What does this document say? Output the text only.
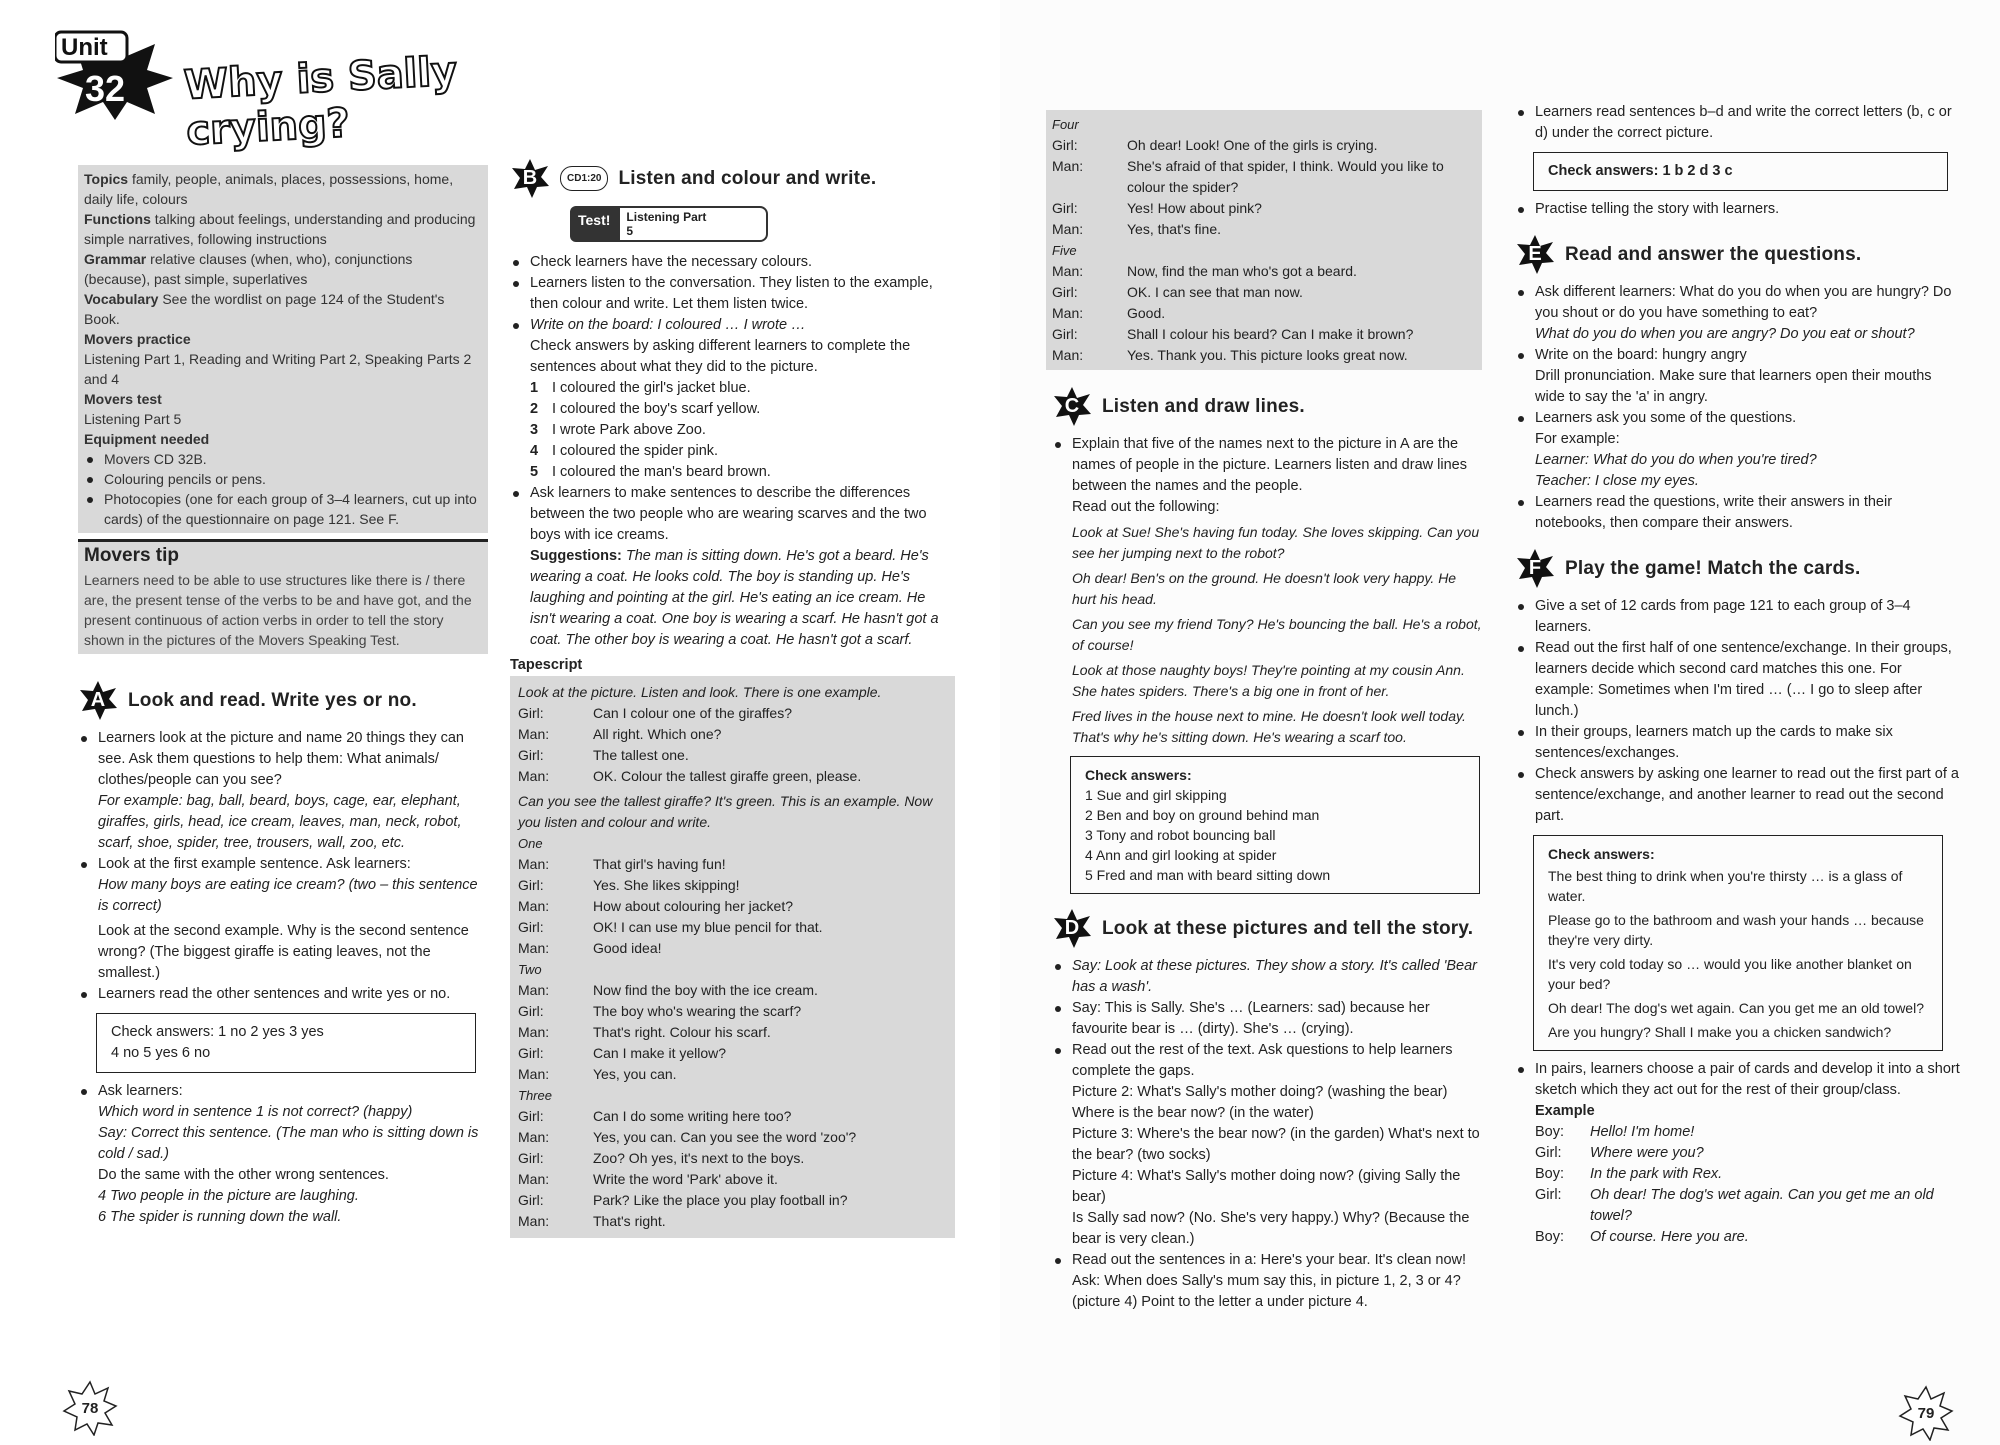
Unit
32 Why is Sally crying?

Topics family, people, animals, places, possessions, home, daily life, colours

Functions talking about feelings, understanding and producing simple narratives, following instructions

Grammar relative clauses (when, who), conjunctions (because), past simple, superlatives

Vocabulary See the wordlist on page 124 of the Student's Book.

Movers practice

Listening Part 1, Reading and Writing Part 2, Speaking Parts 2 and 4

Movers test

Listening Part 5

Equipment needed

Movers CD 32B.

Colouring pencils or pens.

Photocopies (one for each group of 3–4 learners, cut up into cards) of the questionnaire on page 121. See F.

Movers tip

Learners need to be able to use structures like there is / there are, the present tense of the verbs to be and have got, and the present continuous of action verbs in order to tell the story shown in the pictures of the Movers Speaking Test.

A	Look and read. Write yes or no.

Learners look at the picture and name 20 things they can see. Ask them questions to help them: What animals/ clothes/people can you see?

For example: bag, ball, beard, boys, cage, ear, elephant, giraffes, girls, head, ice cream, leaves, man, neck, robot, scarf, shoe, spider, tree, trousers, wall, zoo, etc.

Look at the first example sentence. Ask learners:

How many boys are eating ice cream? (two – this sentence is correct)

Look at the second example. Why is the second sentence wrong? (The biggest giraffe is eating leaves, not the smallest.)

Learners read the other sentences and write yes or no.

Check answers: 1 no 2 yes 3 yes

4 no 5 yes 6 no

Ask learners:

Which word in sentence 1 is not correct? (happy)

Say: Correct this sentence. (The man who is sitting down is cold / sad.)

Do the same with the other wrong sentences.

4 Two people in the picture are laughing.

6 The spider is running down the wall.

B	CD1:20 Listen and colour and write.
Test!	Listening Part 5

Check learners have the necessary colours.

Learners listen to the conversation. They listen to the example, then colour and write. Let them listen twice.

Write on the board: I coloured … I wrote …

Check answers by asking different learners to complete the sentences about what they did to the picture.

1 I coloured the girl's jacket blue.
2 I coloured the boy's scarf yellow.
3 I wrote Park above Zoo.
4 I coloured the spider pink.
5 I coloured the man's beard brown.

Ask learners to make sentences to describe the differences between the two people who are wearing scarves and the two boys with ice creams.

Suggestions: The man is sitting down. He's got a beard. He's wearing a coat. He looks cold. The boy is standing up. He's laughing and pointing at the girl. He's eating an ice cream. He isn't wearing a coat. One boy is wearing a scarf. He hasn't got a coat. The other boy is wearing a coat. He hasn't got a scarf.

Tapescript

Look at the picture. Listen and look. There is one example.

Girl:	Can I colour one of the giraffes?
Man:	All right. Which one?
Girl:	The tallest one.
Man:	OK. Colour the tallest giraffe green, please.

Can you see the tallest giraffe? It's green. This is an example. Now you listen and colour and write.

One

Man:	That girl's having fun!
Girl:	Yes. She likes skipping!
Man:	How about colouring her jacket?
Girl:	OK! I can use my blue pencil for that.
Man:	Good idea!

Two

Man:	Now find the boy with the ice cream.
Girl:	The boy who's wearing the scarf?
Man:	That's right. Colour his scarf.
Girl:	Can I make it yellow?
Man:	Yes, you can.

Three

Girl:	Can I do some writing here too?
Man:	Yes, you can. Can you see the word 'zoo'?
Girl:	Zoo? Oh yes, it's next to the boys.
Man:	Write the word 'Park' above it.
Girl:	Park? Like the place you play football in?
Man:	That's right.
78

Four

Girl:	Oh dear! Look! One of the girls is crying.
Man:	She's afraid of that spider, I think. Would you like to colour the spider?
Girl:	Yes! How about pink?
Man:	Yes, that's fine.

Five

Man:	Now, find the man who's got a beard.
Girl:	OK. I can see that man now.
Man:	Good.
Girl:	Shall I colour his beard? Can I make it brown?
Man:	Yes. Thank you. This picture looks great now.
C	Listen and draw lines.

Explain that five of the names next to the picture in A are the names of people in the picture. Learners listen and draw lines between the names and the people.

Read out the following:

Look at Sue! She's having fun today. She loves skipping. Can you see her jumping next to the robot?

Oh dear! Ben's on the ground. He doesn't look very happy. He hurt his head.

Can you see my friend Tony? He's bouncing the ball. He's a robot, of course!

Look at those naughty boys! They're pointing at my cousin Ann. She hates spiders. There's a big one in front of her.

Fred lives in the house next to mine. He doesn't look well today. That's why he's sitting down. He's wearing a scarf too.

Check answers:

1 Sue and girl skipping

2 Ben and boy on ground behind man

3 Tony and robot bouncing ball

4 Ann and girl looking at spider

5 Fred and man with beard sitting down

D	Look at these pictures and tell the story.

Say: Look at these pictures. They show a story. It's called 'Bear has a wash'.

Say: This is Sally. She's … (Learners: sad) because her favourite bear is … (dirty). She's … (crying).

Read out the rest of the text. Ask questions to help learners complete the gaps.

Picture 2: What's Sally's mother doing? (washing the bear)

Where is the bear now? (in the water)

Picture 3: Where's the bear now? (in the garden) What's next to the bear? (two socks)

Picture 4: What's Sally's mother doing now? (giving Sally the bear)

Is Sally sad now? (No. She's very happy.) Why? (Because the bear is very clean.)

Read out the sentences in a: Here's your bear. It's clean now!

Ask: When does Sally's mum say this, in picture 1, 2, 3 or 4? (picture 4) Point to the letter a under picture 4.

Learners read sentences b–d and write the correct letters (b, c or d) under the correct picture.

Check answers: 1 b 2 d 3 c

Practise telling the story with learners.

E	Read and answer the questions.

Ask different learners: What do you do when you are hungry? Do you shout or do you have something to eat?

What do you do when you are angry? Do you eat or shout?

Write on the board: hungry angry

Drill pronunciation. Make sure that learners open their mouths wide to say the 'a' in angry.

Learners ask you some of the questions.

For example:

Learner: What do you do when you're tired?

Teacher: I close my eyes.

Learners read the questions, write their answers in their notebooks, then compare their answers.

F	Play the game! Match the cards.

Give a set of 12 cards from page 121 to each group of 3–4 learners.

Read out the first half of one sentence/exchange. In their groups, learners decide which second card matches this one. For example: Sometimes when I'm tired … (… I go to sleep after lunch.)

In their groups, learners match up the cards to make six sentences/exchanges.

Check answers by asking one learner to read out the first part of a sentence/exchange, and another learner to read out the second part.

Check answers:

The best thing to drink when you're thirsty … is a glass of water.

Please go to the bathroom and wash your hands … because they're very dirty.

It's very cold today so … would you like another blanket on your bed?

Oh dear! The dog's wet again. Can you get me an old towel?

Are you hungry? Shall I make you a chicken sandwich?

In pairs, learners choose a pair of cards and develop it into a short sketch which they act out for the rest of their group/class.

Example

Boy:	Hello! I'm home!
Girl:	Where were you?
Boy:	In the park with Rex.
Girl:	Oh dear! The dog's wet again. Can you get me an old towel?
Boy:	Of course. Here you are.
79
